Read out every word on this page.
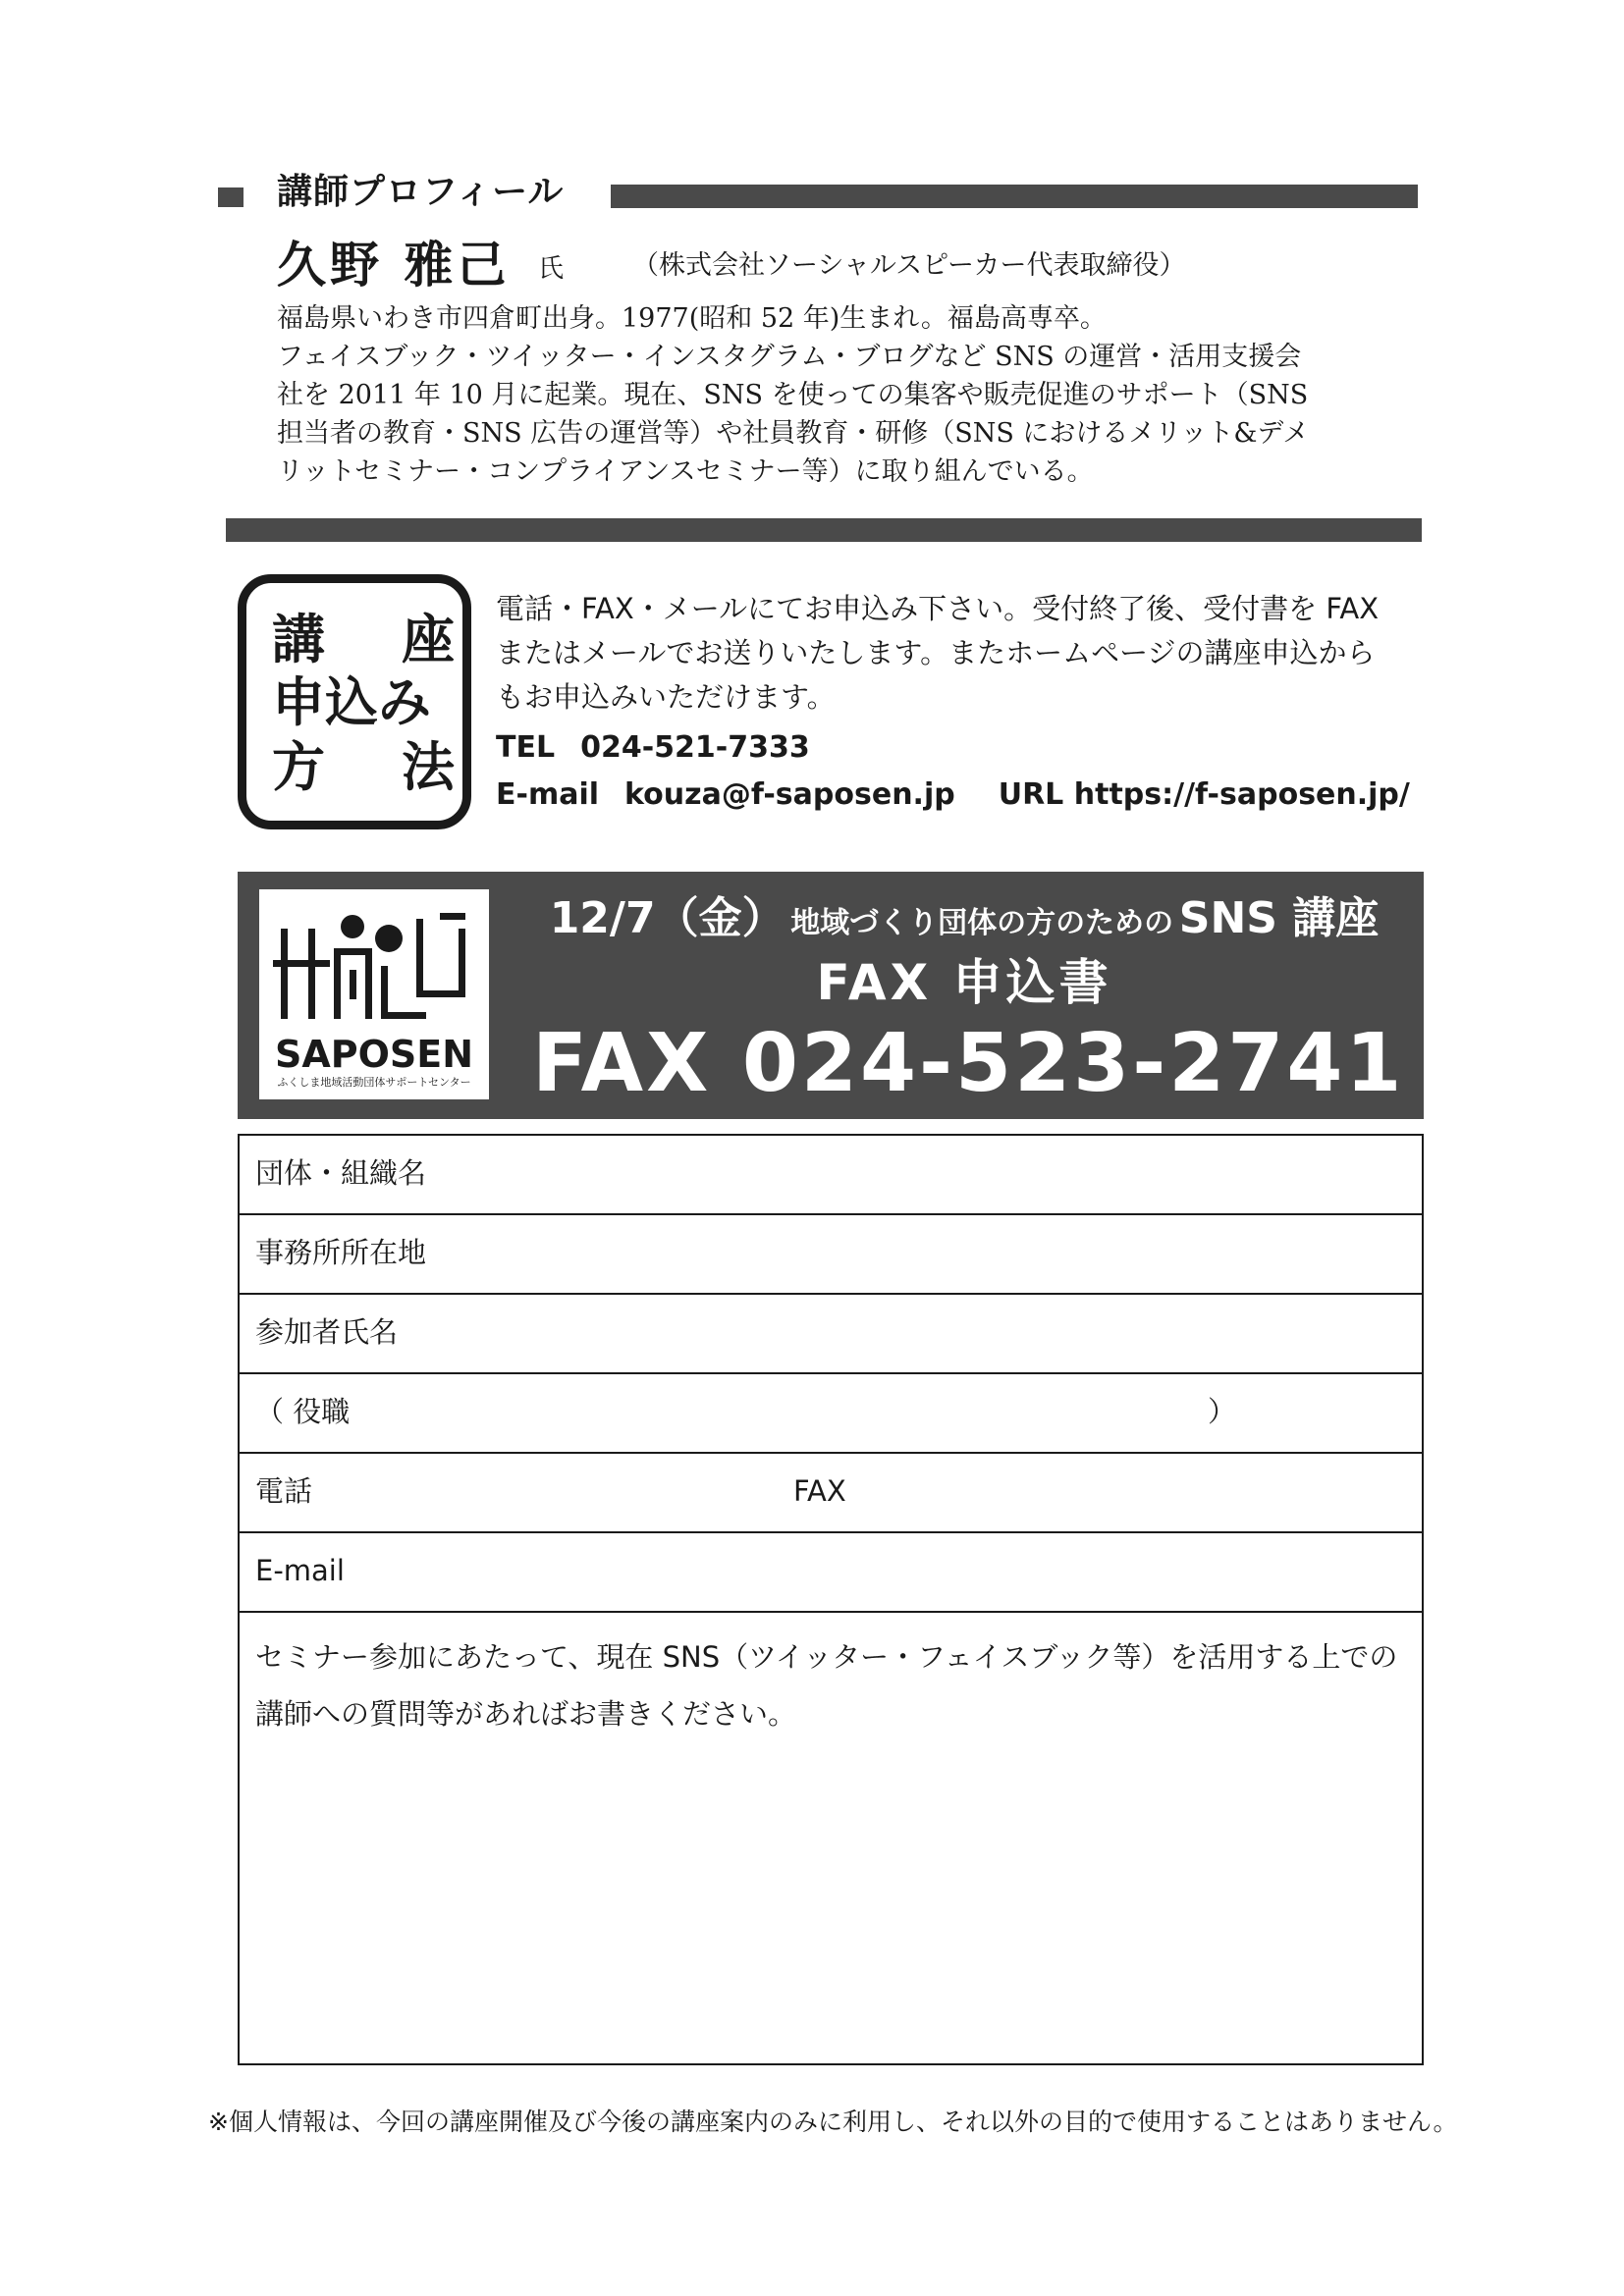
講師プロフィール
久野 雅己 氏	（株式会社ソーシャルスピーカー代表取締役）

福島県いわき市四倉町出身。1977(昭和 52 年)生まれ。福島高専卒。

フェイスブック・ツイッター・インスタグラム・ブログなど SNS の運営・活用支援会

社を 2011 年 10 月に起業。現在、SNS を使っての集客や販売促進のサポート（SNS

担当者の教育・SNS 広告の運営等）や社員教育・研修（SNS におけるメリット&デメ

リットセミナー・コンプライアンスセミナー等）に取り組んでいる。

講 座
申込み
方 法

電話・FAX・メールにてお申込み下さい。受付終了後、受付書を FAX

またはメールでお送りいたします。またホームページの講座申込から

もお申込みいただけます。

TEL 024-521-7333
E-mail kouza@f-saposen.jp URL https://f-saposen.jp/
SAPOSEN
ふくしま地域活動団体サポートセンター
12/7（金） 地域づくり団体の方のための SNS 講座
FAX 申込書
FAX 024-523-2741
団体・組織名
事務所所在地
参加者氏名
（ 役職	）
電話	FAX
E-mail

セミナー参加にあたって、現在 SNS（ツイッター・フェイスブック等）を活用する上での

講師への質問等があればお書きください。

※個人情報は、今回の講座開催及び今後の講座案内のみに利用し、それ以外の目的で使用することはありません。
